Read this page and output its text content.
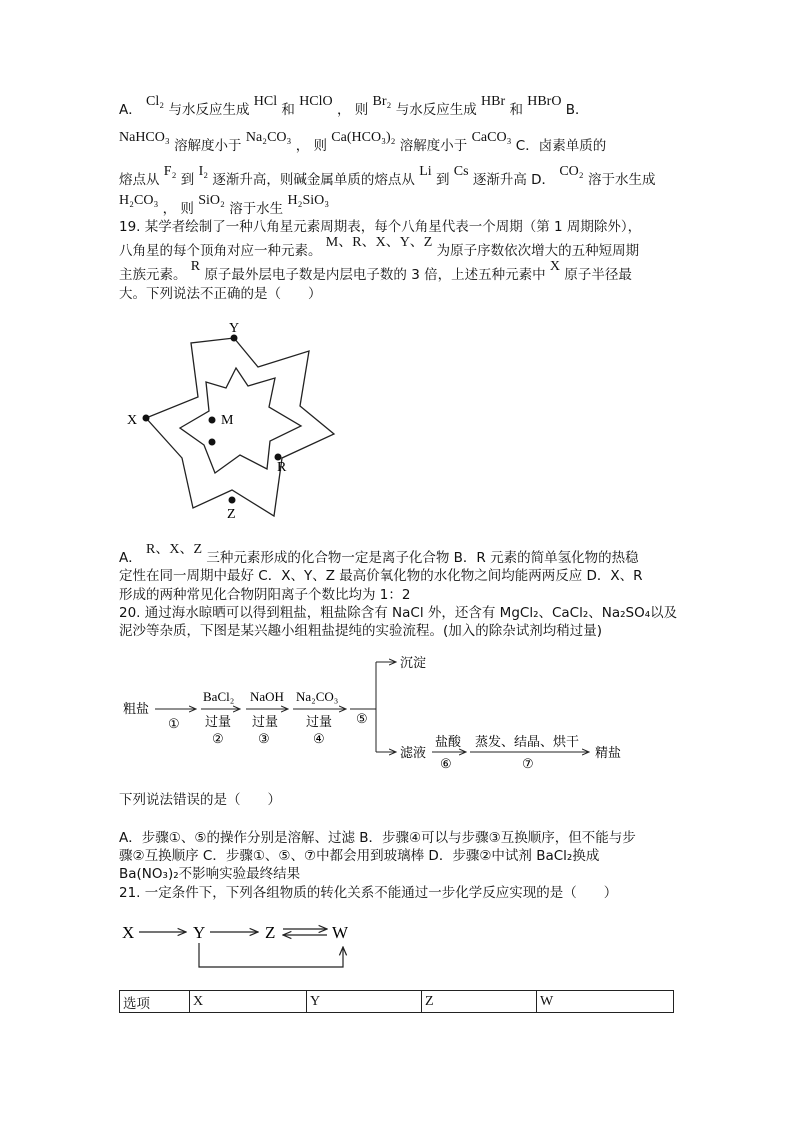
A． Cl₂ 与水反应生成 HCl 和 HClO ， 则 Br₂ 与水反应生成 HBr 和 HBrO B．
NaHCO₃ 溶解度小于 Na₂CO₃ ， 则 Ca(HCO₃)₂ 溶解度小于 CaCO₃ C．卤素单质的
熔点从 F₂ 到 I₂ 逐渐升高，则碱金属单质的熔点从 Li 到 Cs 逐渐升高 D． CO₂ 溶于水生成
H₂CO₃ ， 则 SiO₂ 溶于水生 H₂SiO₃
19. 某学者绘制了一种八角星元素周期表，每个八角星代表一个周期（第 1 周期除外），
八角星的每个顶角对应一种元素。 M、R、X、Y、Z 为原子序数依次增大的五种短周期
主族元素。 R 原子最外层电子数是内层电子数的 3 倍，上述五种元素中 X 原子半径最
大。下列说法不正确的是（　　）
Y
X	M
R
Z
A． R、X、Z 三种元素形成的化合物一定是离子化合物 B．R 元素的简单氢化物的热稳
定性在同一周期中最好 C．X、Y、Z 最高价氧化物的水化物之间均能两两反应 D．X、R
形成的两种常见化合物阴阳离子个数比均为 1：2
20. 通过海水晾晒可以得到粗盐，粗盐除含有 NaCl 外，还含有 MgCl₂、CaCl₂、Na₂SO₄以及
泥沙等杂质，下图是某兴趣小组粗盐提纯的实验流程。(加入的除杂试剂均稍过量)
粗盐
①
BaCl₂
过量
②
NaOH
过量
③
Na₂CO₃
过量
④
⑤
沉淀
滤液
盐酸
⑥
蒸发、结晶、烘干
⑦
精盐
下列说法错误的是（　　）
A．步骤①、⑤的操作分别是溶解、过滤 B．步骤④可以与步骤③互换顺序，但不能与步
骤②互换顺序 C．步骤①、⑤、⑦中都会用到玻璃棒 D．步骤②中试剂 BaCl₂换成
Ba(NO₃)₂不影响实验最终结果
21. 一定条件下，下列各组物质的转化关系不能通过一步化学反应实现的是（　　）
X	Y	Z	W
选项	X	Y	Z	W
